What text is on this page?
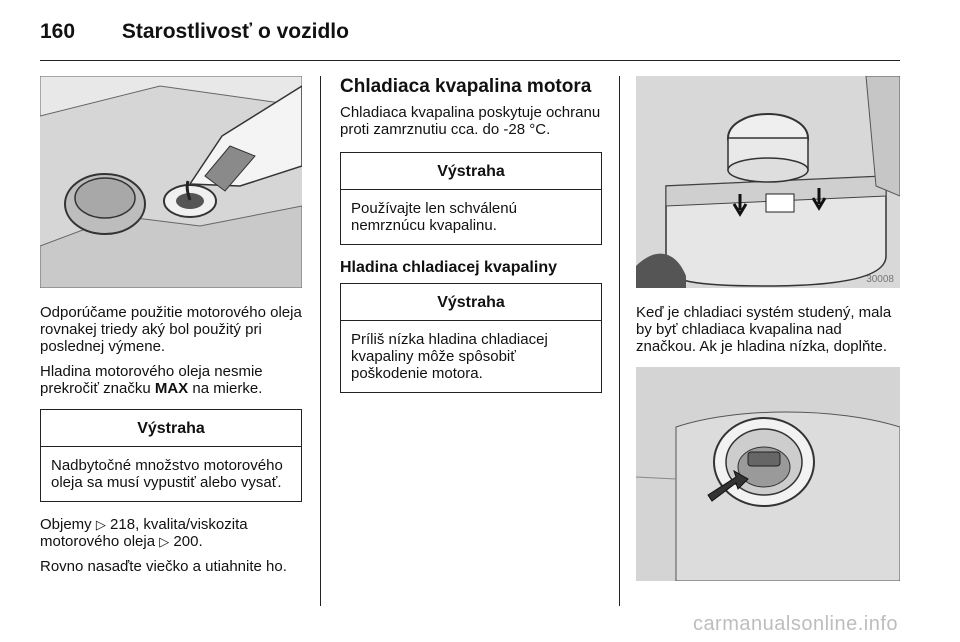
160 Starostlivosť o vozidlo

Odporúčame použitie motorového oleja rovnakej triedy aký bol použitý pri poslednej výmene.

Hladina motorového oleja nesmie prekročiť značku MAX na mierke.

Výstraha
Nadbytočné množstvo motorového oleja sa musí vypustiť alebo vysať.

Objemy ▷ 218, kvalita/viskozita motorového oleja ▷ 200.

Rovno nasaďte viečko a utiahnite ho.

Chladiaca kvapalina motora

Chladiaca kvapalina poskytuje ochranu proti zamrznutiu cca. do -28 °C.

Výstraha
Používajte len schválenú nemrznúcu kvapalinu.
Hladina chladiacej kvapaliny
Výstraha
Príliš nízka hladina chladiacej kvapaliny môže spôsobiť poškodenie motora.
30008

Keď je chladiaci systém studený, mala by byť chladiaca kvapalina nad značkou. Ak je hladina nízka, doplňte.

carmanualsonline.info
